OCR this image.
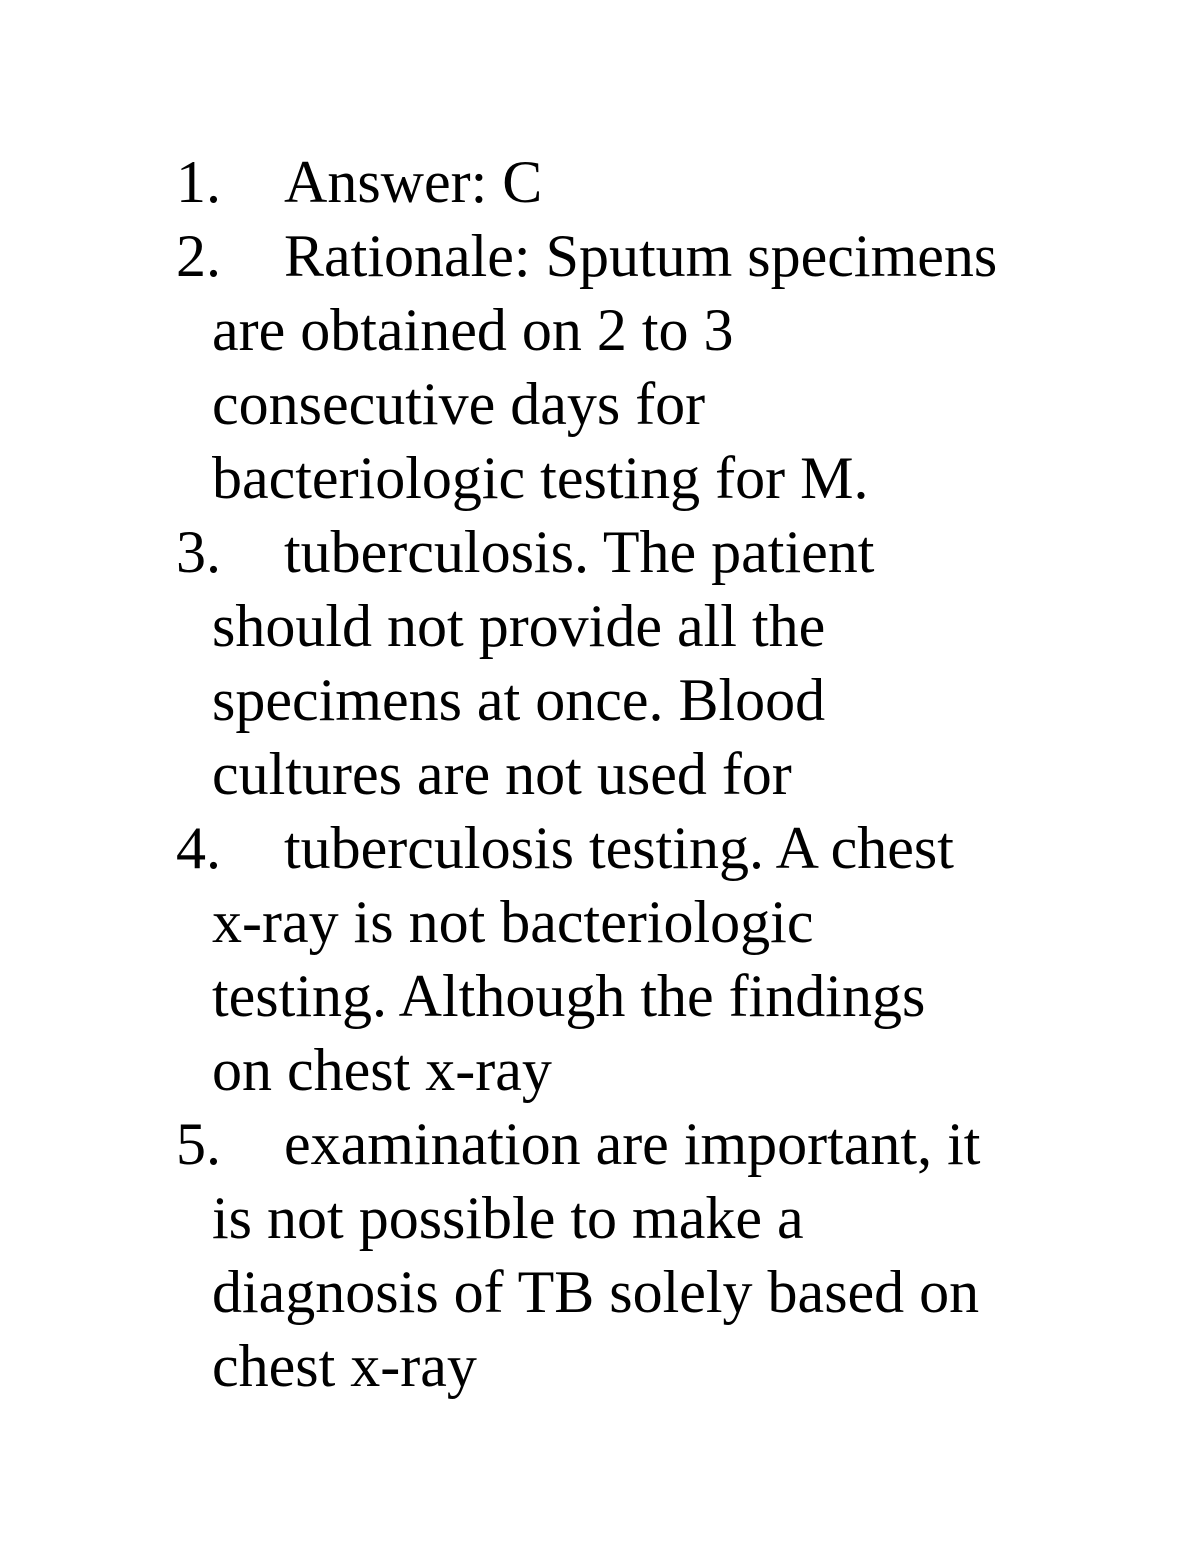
1. Answer: C
2. Rationale: Sputum specimens
are obtained on 2 to 3
consecutive days for
bacteriologic testing for M.
3. tuberculosis. The patient
should not provide all the
specimens at once. Blood
cultures are not used for
4. tuberculosis testing. A chest
x-ray is not bacteriologic
testing. Although the findings
on chest x-ray
5. examination are important, it
is not possible to make a
diagnosis of TB solely based on
chest x-ray
